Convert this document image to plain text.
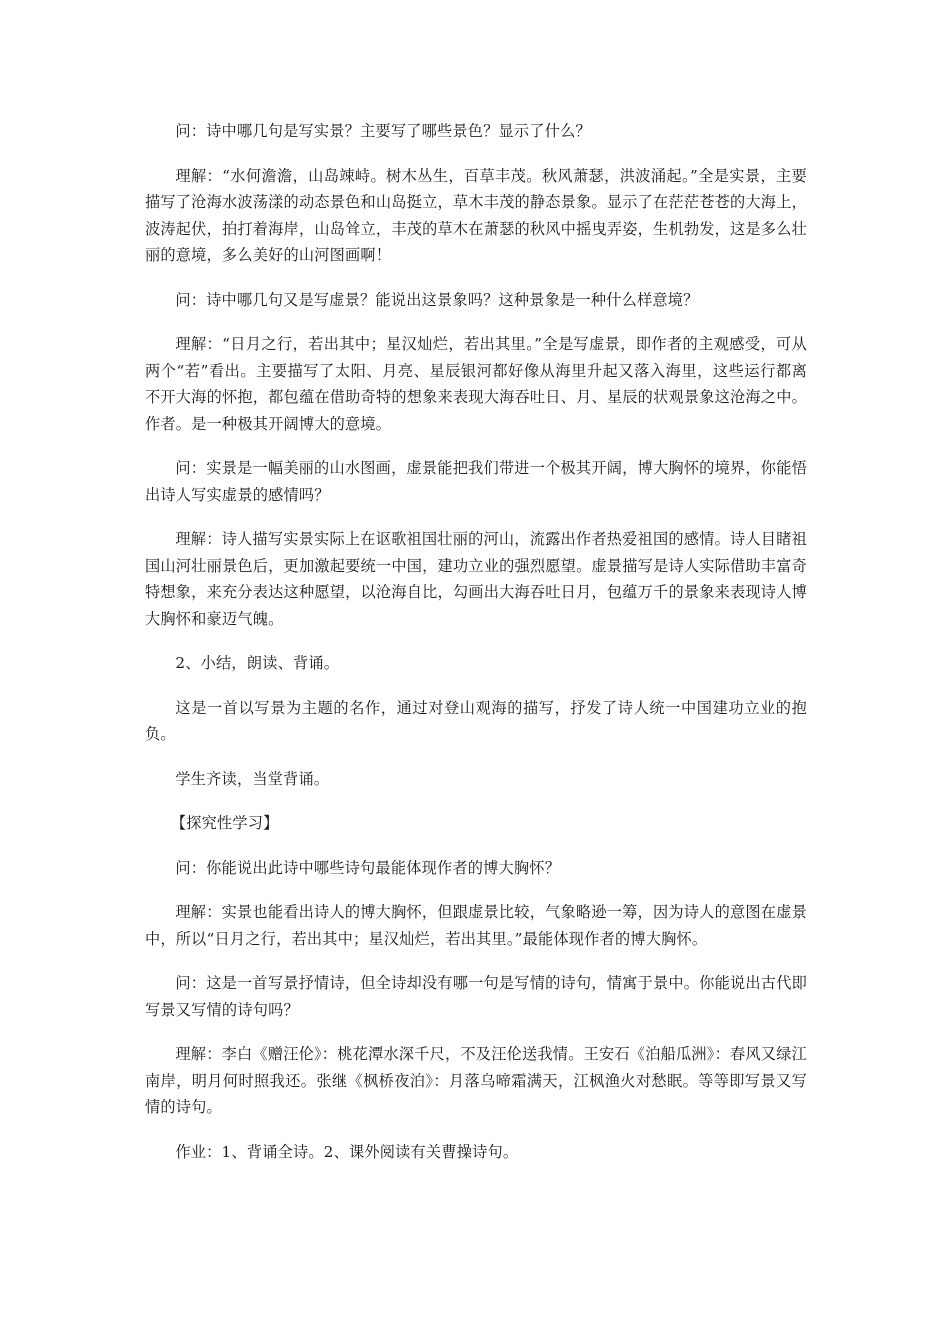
问：诗中哪几句是写实景？主要写了哪些景色？显示了什么？

理解：“水何澹澹，山岛竦峙。树木丛生，百草丰茂。秋风萧瑟，洪波涌起。”全是实景，主要描写了沧海水波荡漾的动态景色和山岛挺立，草木丰茂的静态景象。显示了在茫茫苍苍的大海上，波涛起伏，拍打着海岸，山岛耸立，丰茂的草木在萧瑟的秋风中摇曳弄姿，生机勃发，这是多么壮丽的意境，多么美好的山河图画啊！

问：诗中哪几句又是写虚景？能说出这景象吗？这种景象是一种什么样意境？

理解：“日月之行，若出其中；星汉灿烂，若出其里。”全是写虚景，即作者的主观感受，可从两个“若”看出。主要描写了太阳、月亮、星辰银河都好像从海里升起又落入海里，这些运行都离不开大海的怀抱，都包蕴在借助奇特的想象来表现大海吞吐日、月、星辰的状观景象这沧海之中。作者。是一种极其开阔博大的意境。

问：实景是一幅美丽的山水图画，虚景能把我们带进一个极其开阔，博大胸怀的境界，你能悟出诗人写实虚景的感情吗？

理解：诗人描写实景实际上在讴歌祖国壮丽的河山，流露出作者热爱祖国的感情。诗人目睹祖国山河壮丽景色后，更加激起要统一中国，建功立业的强烈愿望。虚景描写是诗人实际借助丰富奇特想象，来充分表达这种愿望，以沧海自比，勾画出大海吞吐日月，包蕴万千的景象来表现诗人博大胸怀和豪迈气魄。

2、小结，朗读、背诵。

这是一首以写景为主题的名作，通过对登山观海的描写，抒发了诗人统一中国建功立业的抱负。

学生齐读，当堂背诵。

【探究性学习】

问：你能说出此诗中哪些诗句最能体现作者的博大胸怀？

理解：实景也能看出诗人的博大胸怀，但跟虚景比较，气象略逊一筹，因为诗人的意图在虚景中，所以“日月之行，若出其中；星汉灿烂，若出其里。”最能体现作者的博大胸怀。

问：这是一首写景抒情诗，但全诗却没有哪一句是写情的诗句，情寓于景中。你能说出古代即写景又写情的诗句吗？

理解：李白《赠汪伦》：桃花潭水深千尺，不及汪伦送我情。王安石《泊船瓜洲》：春风又绿江南岸，明月何时照我还。张继《枫桥夜泊》：月落乌啼霜满天，江枫渔火对愁眠。等等即写景又写情的诗句。

作业：1、背诵全诗。2、课外阅读有关曹操诗句。
